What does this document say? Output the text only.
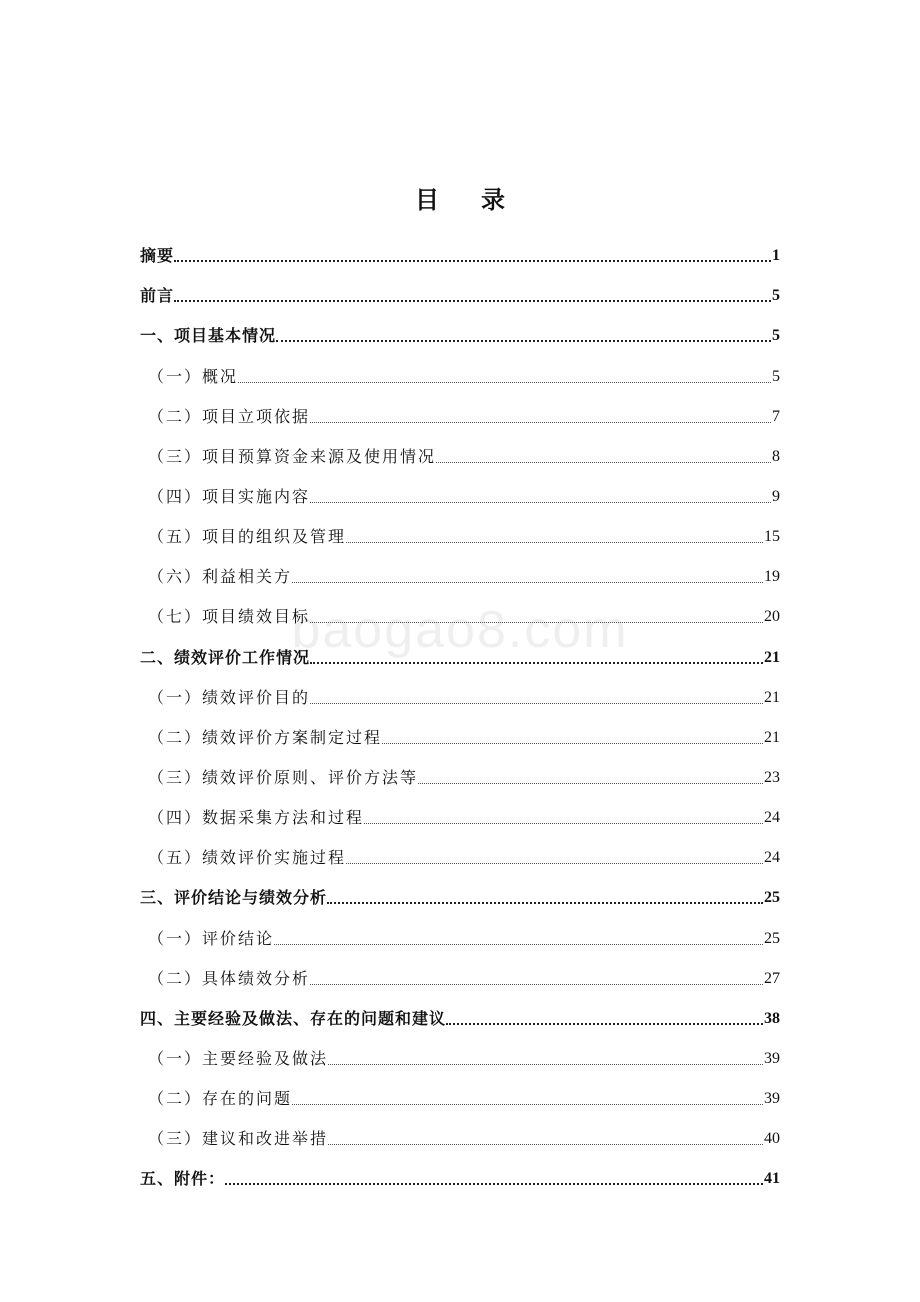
目录
baogao8.com
摘要	1
前言	5
一、项目基本情况	5
（一）概况	5
（二）项目立项依据	7
（三）项目预算资金来源及使用情况	8
（四）项目实施内容	9
（五）项目的组织及管理	15
（六）利益相关方	19
（七）项目绩效目标	20
二、绩效评价工作情况	21
（一）绩效评价目的	21
（二）绩效评价方案制定过程	21
（三）绩效评价原则、评价方法等	23
（四）数据采集方法和过程	24
（五）绩效评价实施过程	24
三、评价结论与绩效分析	25
（一）评价结论	25
（二）具体绩效分析	27
四、主要经验及做法、存在的问题和建议	38
（一）主要经验及做法	39
（二）存在的问题	39
（三）建议和改进举措	40
五、附件：	41
